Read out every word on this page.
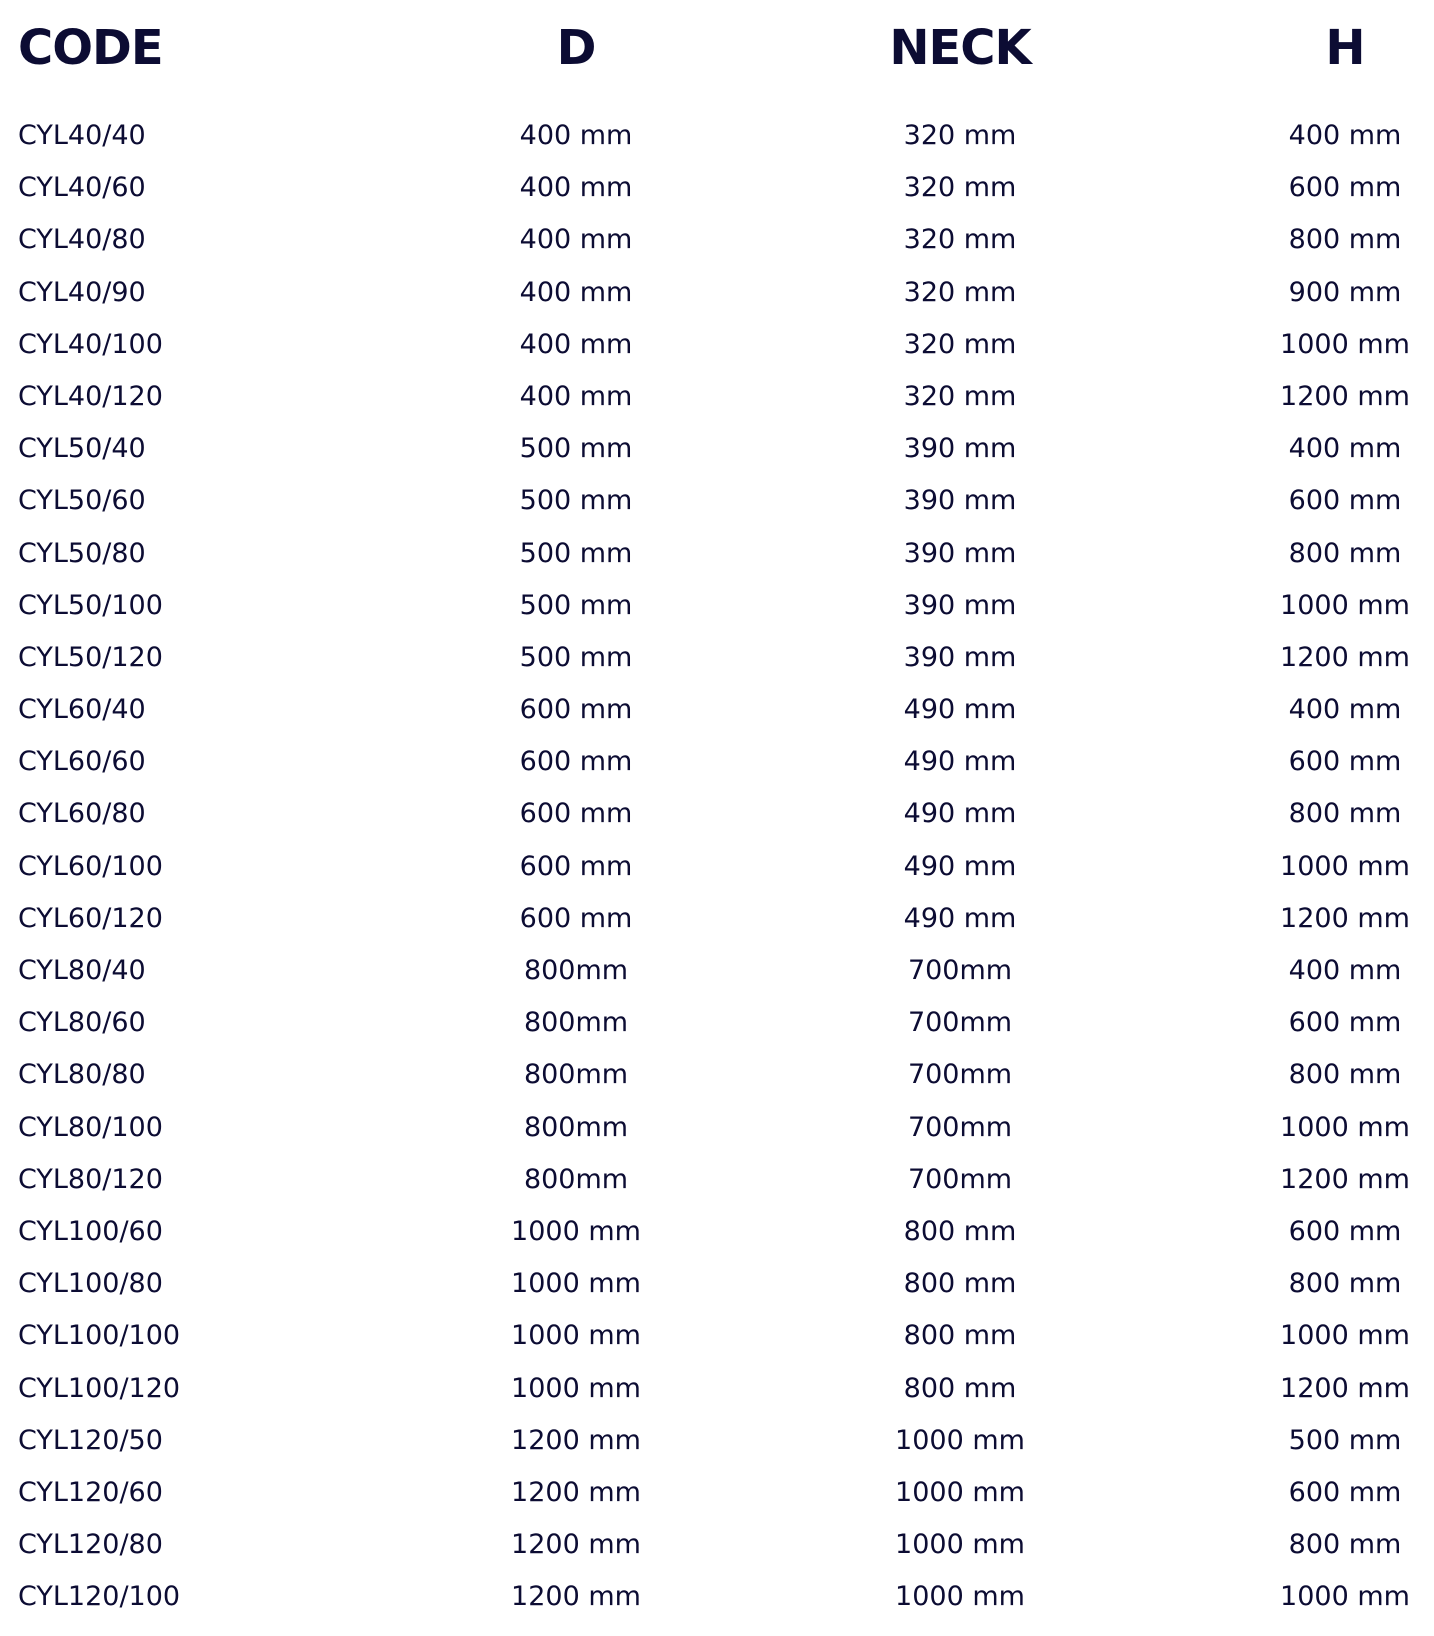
CODE	D	NECK	H
CYL40/40	400 mm	320 mm	400 mm
CYL40/60	400 mm	320 mm	600 mm
CYL40/80	400 mm	320 mm	800 mm
CYL40/90	400 mm	320 mm	900 mm
CYL40/100	400 mm	320 mm	1000 mm
CYL40/120	400 mm	320 mm	1200 mm
CYL50/40	500 mm	390 mm	400 mm
CYL50/60	500 mm	390 mm	600 mm
CYL50/80	500 mm	390 mm	800 mm
CYL50/100	500 mm	390 mm	1000 mm
CYL50/120	500 mm	390 mm	1200 mm
CYL60/40	600 mm	490 mm	400 mm
CYL60/60	600 mm	490 mm	600 mm
CYL60/80	600 mm	490 mm	800 mm
CYL60/100	600 mm	490 mm	1000 mm
CYL60/120	600 mm	490 mm	1200 mm
CYL80/40	800mm	700mm	400 mm
CYL80/60	800mm	700mm	600 mm
CYL80/80	800mm	700mm	800 mm
CYL80/100	800mm	700mm	1000 mm
CYL80/120	800mm	700mm	1200 mm
CYL100/60	1000 mm	800 mm	600 mm
CYL100/80	1000 mm	800 mm	800 mm
CYL100/100	1000 mm	800 mm	1000 mm
CYL100/120	1000 mm	800 mm	1200 mm
CYL120/50	1200 mm	1000 mm	500 mm
CYL120/60	1200 mm	1000 mm	600 mm
CYL120/80	1200 mm	1000 mm	800 mm
CYL120/100	1200 mm	1000 mm	1000 mm
